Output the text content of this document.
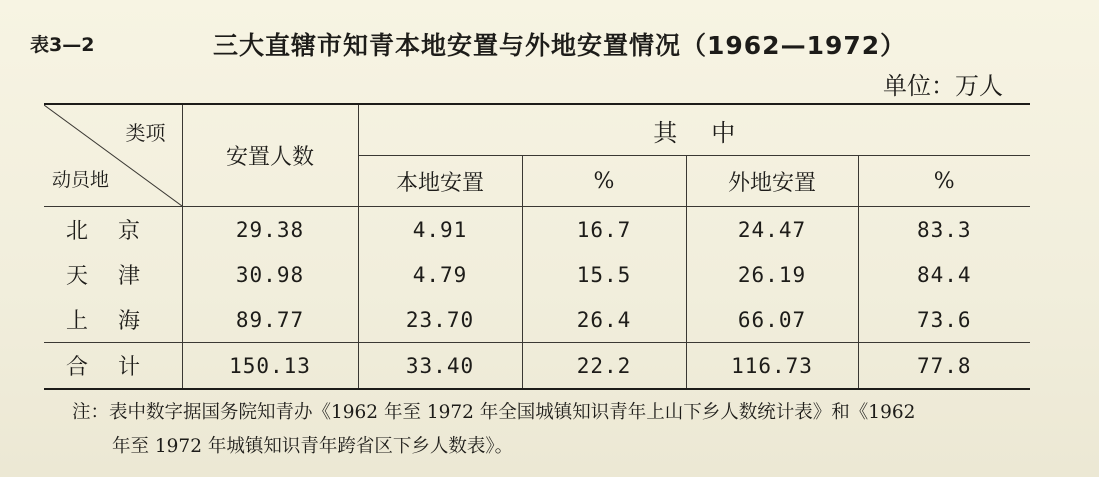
表3—2	三大直辖市知青本地安置与外地安置情况（1962—1972）
单位：万人
类项
动员地	安置人数	其中			
		本地安置	%	外地安置	%
北京	29.38	4.91	16.7	24.47	83.3
天津	30.98	4.79	15.5	26.19	84.4
上海	89.77	23.70	26.4	66.07	73.6
合计	150.13	33.40	22.2	116.73	77.8
注：表中数字据国务院知青办《1962 年至 1972 年全国城镇知识青年上山下乡人数统计表》和《1962
年至 1972 年城镇知识青年跨省区下乡人数表》。
